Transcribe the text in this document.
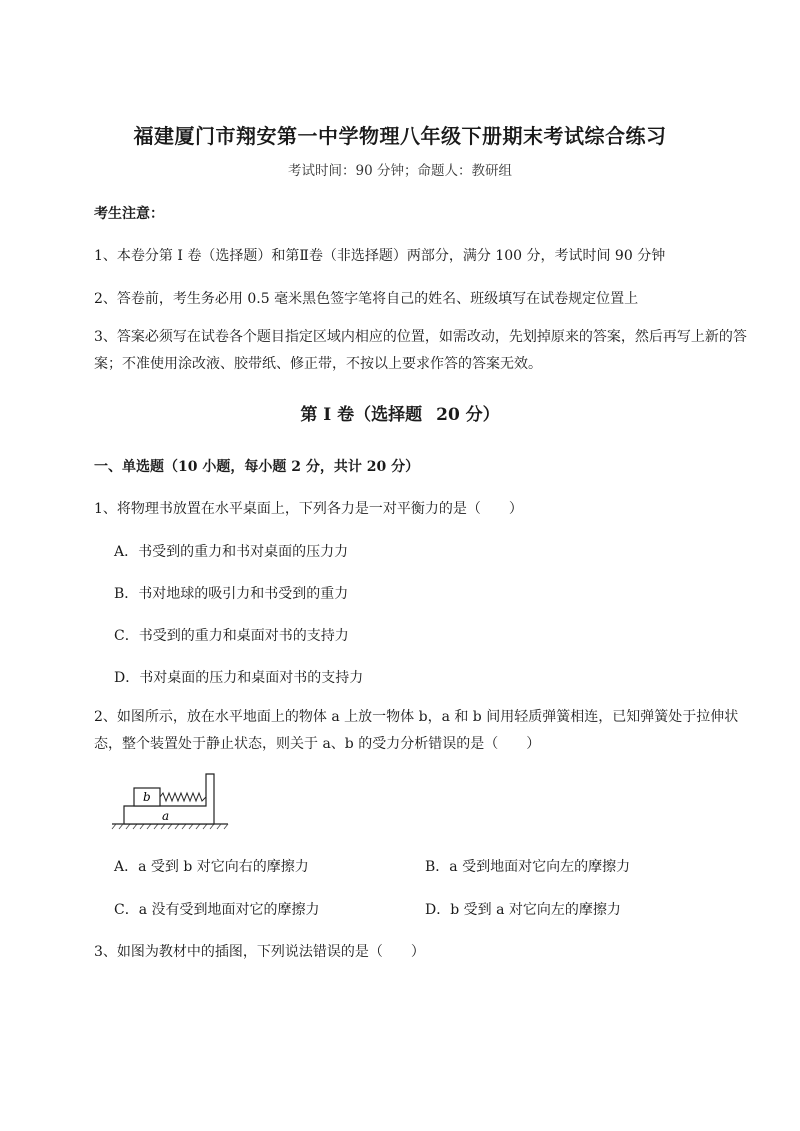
福建厦门市翔安第一中学物理八年级下册期末考试综合练习
考试时间：90 分钟；命题人：教研组
考生注意：
1、本卷分第 I 卷（选择题）和第Ⅱ卷（非选择题）两部分，满分 100 分，考试时间 90 分钟
2、答卷前，考生务必用 0.5 毫米黑色签字笔将自己的姓名、班级填写在试卷规定位置上
3、答案必须写在试卷各个题目指定区域内相应的位置，如需改动，先划掉原来的答案，然后再写上新的答案；不准使用涂改液、胶带纸、修正带，不按以上要求作答的答案无效。
第 I 卷（选择题 20 分）
一、单选题（10 小题，每小题 2 分，共计 20 分）
1、将物理书放置在水平桌面上，下列各力是一对平衡力的是（　　）
A．书受到的重力和书对桌面的压力力
B．书对地球的吸引力和书受到的重力
C．书受到的重力和桌面对书的支持力
D．书对桌面的压力和桌面对书的支持力
2、如图所示，放在水平地面上的物体 a 上放一物体 b，a 和 b 间用轻质弹簧相连，已知弹簧处于拉伸状态，整个装置处于静止状态，则关于 a、b 的受力分析错误的是（　　）
b
a
A．a 受到 b 对它向右的摩擦力	B．a 受到地面对它向左的摩擦力
C．a 没有受到地面对它的摩擦力	D．b 受到 a 对它向左的摩擦力
3、如图为教材中的插图，下列说法错误的是（　　）
